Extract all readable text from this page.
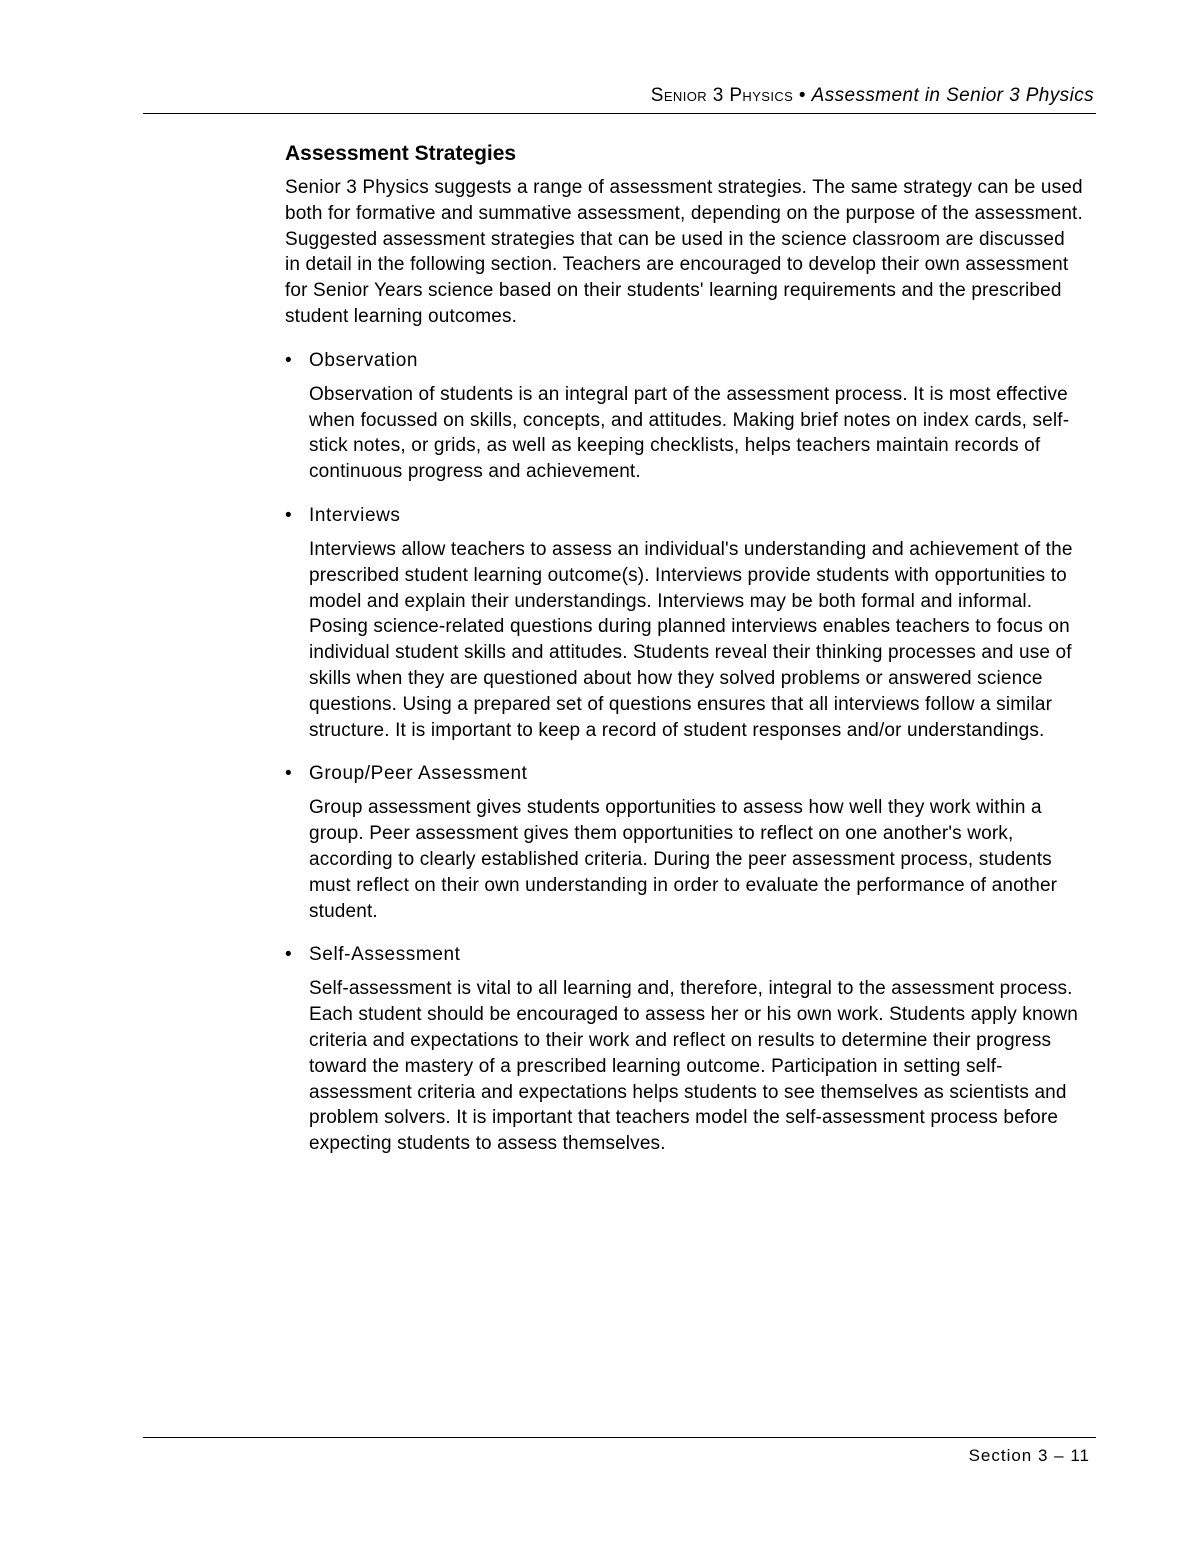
Senior 3 Physics • Assessment in Senior 3 Physics
Assessment Strategies

Senior 3 Physics suggests a range of assessment strategies. The same strategy can be used both for formative and summative assessment, depending on the purpose of the assessment. Suggested assessment strategies that can be used in the science classroom are discussed in detail in the following section. Teachers are encouraged to develop their own assessment for Senior Years science based on their students' learning requirements and the prescribed student learning outcomes.

• Observation

Observation of students is an integral part of the assessment process. It is most effective when focussed on skills, concepts, and attitudes. Making brief notes on index cards, self-stick notes, or grids, as well as keeping checklists, helps teachers maintain records of continuous progress and achievement.

• Interviews

Interviews allow teachers to assess an individual's understanding and achievement of the prescribed student learning outcome(s). Interviews provide students with opportunities to model and explain their understandings. Interviews may be both formal and informal. Posing science-related questions during planned interviews enables teachers to focus on individual student skills and attitudes. Students reveal their thinking processes and use of skills when they are questioned about how they solved problems or answered science questions. Using a prepared set of questions ensures that all interviews follow a similar structure. It is important to keep a record of student responses and/or understandings.

• Group/Peer Assessment

Group assessment gives students opportunities to assess how well they work within a group. Peer assessment gives them opportunities to reflect on one another's work, according to clearly established criteria. During the peer assessment process, students must reflect on their own understanding in order to evaluate the performance of another student.

• Self-Assessment

Self-assessment is vital to all learning and, therefore, integral to the assessment process. Each student should be encouraged to assess her or his own work. Students apply known criteria and expectations to their work and reflect on results to determine their progress toward the mastery of a prescribed learning outcome. Participation in setting self-assessment criteria and expectations helps students to see themselves as scientists and problem solvers. It is important that teachers model the self-assessment process before expecting students to assess themselves.

Section 3 – 11
